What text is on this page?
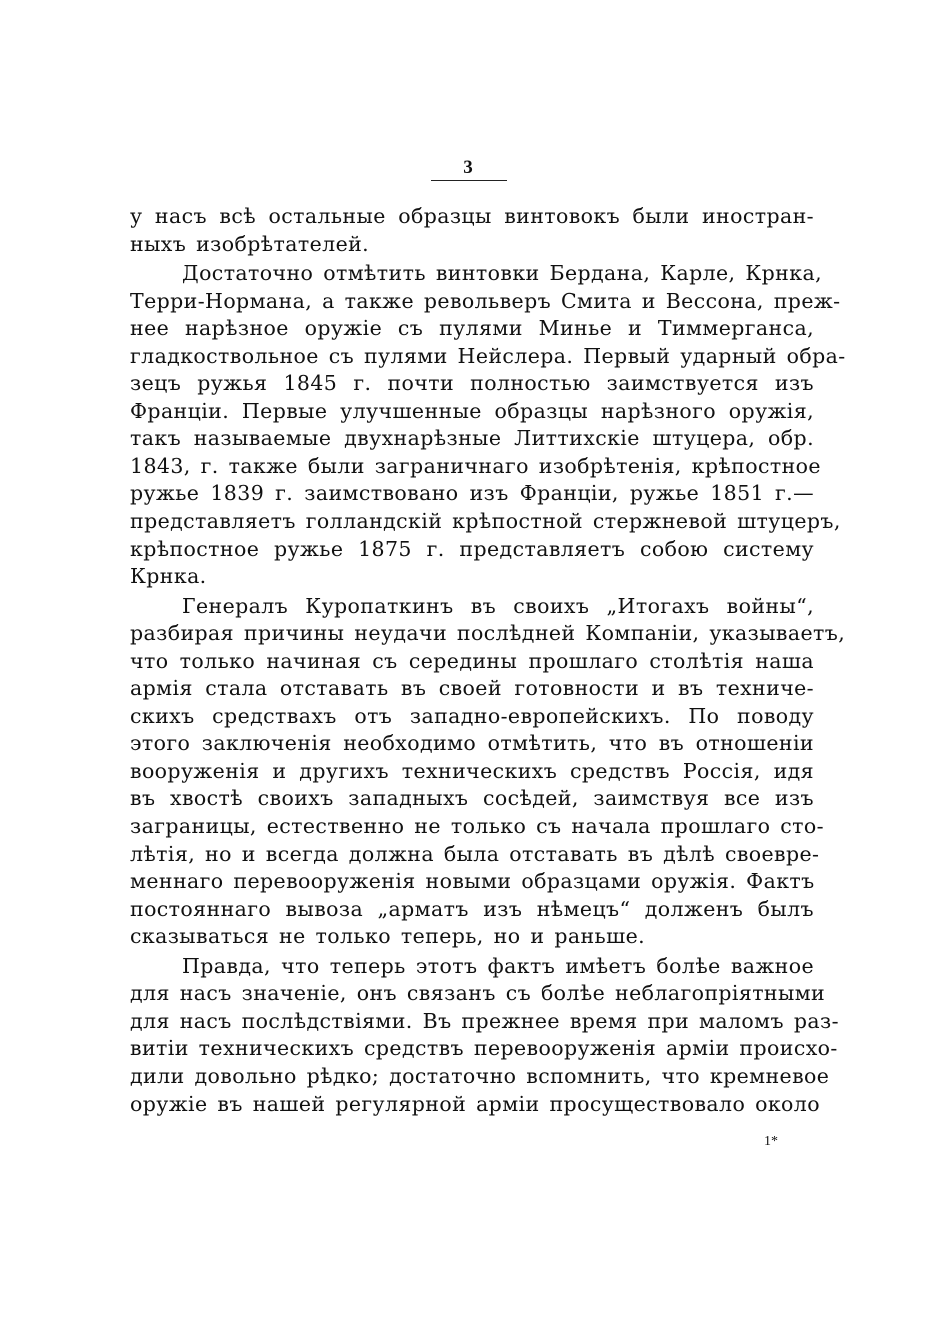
3
у насъ всѣ остальные образцы винтовокъ были иностран-
ныхъ изобрѣтателей.
Достаточно отмѣтить винтовки Бердана, Карле, Крнка,
Терри-Нормана, а также револьверъ Смита и Вессона, преж-
нее нарѣзное оружіе съ пулями Минье и Тиммерганса,
гладкоствольное съ пулями Нейслера. Первый ударный обра-
зецъ ружья 1845 г. почти полностью заимствуется изъ
Франціи. Первые улучшенные образцы нарѣзного оружія,
такъ называемые двухнарѣзные Литтихскіе штуцера, обр.
1843, г. также были заграничнаго изобрѣтенія, крѣпостное
ружье 1839 г. заимствовано изъ Франціи, ружье 1851 г.—
представляетъ голландскій крѣпостной стержневой штуцеръ,
крѣпостное ружье 1875 г. представляетъ собою систему
Крнка.
Генералъ Куропаткинъ въ своихъ „Итогахъ войны“,
разбирая причины неудачи послѣдней Компаніи, указываетъ,
что только начиная съ середины прошлаго столѣтія наша
армія стала отставать въ своей готовности и въ техниче-
скихъ средствахъ отъ западно-европейскихъ. По поводу
этого заключенія необходимо отмѣтить, что въ отношеніи
вооруженія и другихъ техническихъ средствъ Россія, идя
въ хвостѣ своихъ западныхъ сосѣдей, заимствуя все изъ
заграницы, естественно не только съ начала прошлаго сто-
лѣтія, но и всегда должна была отставать въ дѣлѣ своевре-
меннаго перевооруженія новыми образцами оружія. Фактъ
постояннаго вывоза „арматъ изъ нѣмецъ“ долженъ былъ
сказываться не только теперь, но и раньше.
Правда, что теперь этотъ фактъ имѣетъ болѣе важное
для насъ значеніе, онъ связанъ съ болѣе неблагопріятными
для насъ послѣдствіями. Въ прежнее время при маломъ раз-
витіи техническихъ средствъ перевооруженія арміи происхо-
дили довольно рѣдко; достаточно вспомнить, что кремневое
оружіе въ нашей регулярной арміи просуществовало около
1*
